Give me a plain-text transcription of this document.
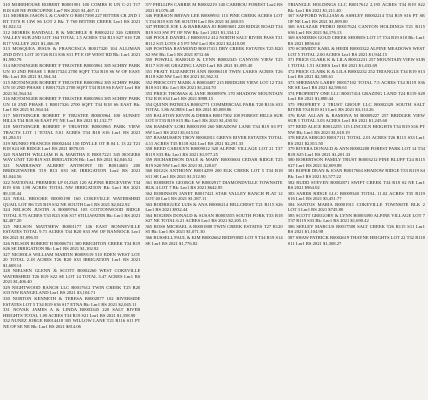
310 MOREHOUSE ROBERT B0001901 100 COMBS R UN C-21 T17 R18 S28 NE PORCUPINE Lnr7 RS 2021 $1,467.11

311 MORRIS JASON L & CASEY O B0017398 227 BITTER CR 2ND 1 BT T37S R 13W S6 LOT 2 Bk: T 7S0 BITTER CREEK Lnr1 RS 2021 $1,022.12

312 MORRIS RANDALL B & MICHELE R B0002212 326 GREEN VALLEY SUB 2ND LOT 164 TOTAL 1.5 ACRES T34 R13 S27 S16 T28 R17 VALLEY 2021 $1,466.39

313 MOSQUEA JESUS & FRANCESCA B0017320 104 ALLIMAN 2ND DIV1 LOT 10 T26 R13 S36 S11 PT E OF WEST RD Bk: Lnr1 2021 $1,990.79

314 MOTSINGER ROBERT F TRUSTEE B0003961 385 SCHRY PARK UN 10 2ND PHASE 1 B0017324 2700 SQFT T34 R18 S6 W OF EAST Bk: Lnr1 RS 2021 $1,564.34

315 MOTSINGER ROBERT F TRUSTEE B0003962 385 SCHRY PARK UN 10 2ND PHASE 1 B0017325 2700 SQFT T34 R18 S6 EAST Lnr1 RS 2021 $1,564.34

316 MOTSINGER ROBERT F TRUSTEE B0003963 385 SCHRY PARK UN 10 2ND PHASE 1 B0017326 2700 SQFT T34 R18 S6 EAST Bk: Lnr1 RS 2021 $1,564.34

317 MOTSINGER ROBERT F TRUSTEE B0003964 100 SUNSET HILLS T34 R18 S6 EAST PT NE Lnr1 RS 2021 $1,132.77

318 MOTSINGER ROBERT F TRUSTEE B0003965 PARK VIEW TRACTS LOT 1 TOTAL 5.01 ACRES T34 R18 S16 Lnr1 RS 2021 $1,284.51

319 MUNRO FRANCES B0002444 150 IDYLLE OT B 04 L 13 22 T21 R18 S24 SE RIDGE Lnr1 RS 2021 $870.03

320 NAMITH WILLIAM B & MARTHA E B0017221 345 ROGERS WAY UNIT T20 R19 S33 IRRIGATION Bk: Lnr1 RS 2021 $2,046.52

321 NARRAWAY ALBERT ANTHONY III B0014603 200 BRIDGEWATER T19 R13 S33 SE IRRIGATION Lnr2 RS 2021 $1,044.56

322 NATIONAL PREMIER LP 012345 120 ALPINE RIDGEVIEW T34 R19 S36 1.98 ACRES TOTAL NW IRRIGATION Bk: Lnr1 RS 2021 $9,118.44

323 NEAL BROOKE B0005198 160 COKEVILLE WATERSHED QUAIL LOT B6 T25 R19 S32 NE SOUTH Lnr1 RS 2021 $2,042.92

324 NELSON JUSTIN A B0009764 105 COTTONWOOD RIDGE TOTAL 8.75 ACRES T33 R23 S36 S17 STILLWATER Bk: Lnr1 RS 2021 $2,487.20

325 NELSON MATTHEW B0001177 146 EAST BONNEVILLE ESTATES TOTAL 9.71 ACRES T34 R20 S33 SW OF BANNOCK Lnr1 RS 2021 $1,896.55

326 NELSON ROBERT H B0006731 300 BRIGHTON CREEK T34 R19 S26 SE IRRIGATION Bk: Lnr1 RS 2021 $1,102.82

327 NICHOLS WILLIAM MARTIN B0009119 510 EDEN WEST LOT 20 TOTAL 2.18 ACRES T26 R20 S33 IRRIGATION Lnr1 RS 2021 $1,608.14

328 NIELSEN GLENN & SCOTT B0002260 WEST COKEVILLE WATERSHED T26 R19 S22 SE LOT 14 TOTAL 3.47 ACRES Lnr1 RS 2021 $1,406.40

329 NIGHTWOOD RANCH LLC B0017612 TWIN CREEK T25 R20 S33 NW RANGELAND Lnr1 RS 2021 $3,104.71

330 NORTON KENNETH & TERESA B0002877 102 RIVERSIDE ESTATES LOT 5 T34 R19 S36 S17 ETNA Bk: Lnr1 RS 2021 $2,045.11

331 NOVAK JAMES A & LINDA B0003345 220 SALT RIVER HEIGHTS TOTAL 1.00 ACRES T34 R19 S21 Lnr1 RS 2021 $1,358.90

332 NUNEZ JORGE B0014418 305 WILLOW LANE T21 R116 S11 PT NE OF SE NE Bk: Lnr1 RS 2021 $814.06

3?? PHILLIPS CARRIE M B0002219 140 CARIBOU FOREST Lnr2 RS 2021 $1,076.48

346 PIERSON BRYAN LEE B0009931 115 PINE CREEK ACRES LOT 3 T34 R19 S35 NE SOUTH Lnr1 RS 2021 $1,688.55

347 PIERCE JOE L & BARBARA JO B0003601 228 RIDGE ROAD T34 R19 S13 SW PT OF NW Bk: Lnr1 2021 $1,334.12

348 POOLE DANIEL J B0001912 412 NORTH SALT RIVER PASS T31 R112 S15 LOTS 4 5 PT NW Lnr1 RS 2021 $2,410.08

349 POSTMA RAYMOND B0017411 DRY CREEK ESTATES T25 R20 S2 SW Bk: Lnr1 RS 2021 $712.66

350 POWELL HAROLD & LYNN B0002345 CANYON VIEW T25 R117 S19 SE GRAZING LAND Lnr1 RS 2021 $1,095.40

351 PRATT ELIZABETH ANN B0006118 TWIN LAKES ACRES T26 R118 S20 NW Lnr1 RS 2021 $1,562.31

352 PRESCOTT MARK A B0004487 215 BRIDGER VIEW LOT 12 T34 R18 S31 Bk: Lnr1 RS 2021 $1,244.70

353 PRICE THOMAS & JANE B0009976 170 SHADOW MOUNTAIN T32 R18 S34 Lnr1 RS 2021 $988.15

354 QUINN PATRICIA B0002771 COMMERCIAL PARK T20 R116 S33 TOTAL 1.86 ACRES Lnr1 RS 2021 $5,008.86

355 RALSTON KEVIN & DEBRA B0017302 108 FOREST HILLS SUB LOT 8 T33 R19 S15 Bk: Lnr1 RS 2021 $1,430.92

356 RAMSEY LORI B0003190 260 MEADOW LANE T34 R19 S3 PT SW Lnr1 RS 2021 $1,615.04

357 RASMUSSEN TROY B0002811 GREYS RIVER ESTATES TOTAL 4.11 ACRES T35 R118 S24 Lnr1 RS 2021 $2,291.33

358 REED CAROLYN B0009012 320 ALPINE VILLAGE LOT 21 T37 R119 S33 Bk: Lnr1 RS 2021 $1,977.25

359 RICHARDSON DALE & MARY B0003604 CEDAR RIDGE T25 R19 S20 NW Lnr1 RS 2021 $1,128.67

360 RIGGS ANTHONY B0014299 200 ELK CREEK LOT 5 T34 R18 S11 SE Lnr1 RS 2021 $1,512.90

361 ROBERTS GEORGE W B0002917 DIAMONDVILLE TOWNSITE BLK 4 LOT 7 Bk: Lnr1 RS 2021 $642.85

362 ROBINSON JANET B0017421 STAR VALLEY RANCH PLAT 12 LOT 40 Lnr1 RS 2021 $1,387.11

363 RODRIGUEZ LUIS & ANA B0006214 HILLCREST T21 R115 S26 Lnr1 RS 2021 $932.44

364 ROGERS DONALD & SUSAN B0003555 SOUTH FORK T33 R18 S27 NE TOTAL 6.21 ACRES Lnr1 RS 2021 $2,205.15

365 ROSS MICHAEL A B0001808 TWIN CREEK ESTATES T27 R120 S5 Bk: Lnr1 RS 2021 $1,071.30

366 RUSSELL PAUL & KIM B0002662 BEDFORD LOT 9 T34 R19 S14 SE Lnr1 RS 2021 $1,776.82

TRIANGLE HOLDINGS LLC B0017612 2,195 ACRES T34 R19 S22 Bk: Lnr1 RS 2021 $1,211.40

367 SAFFORD WILLIAM & ASHLEY B0002214 T34 R19 S16 PT SE OF NE Lnr1 RS 2021 $1,009.00

368 SALAZAR PEDRO B0017624 CANYON HOLDINGS T21 R115 S36 Lnr1 RS 2021 $4,176.13

369 SANDERS GOLD CREEK SHORES LOT 17 T34 R19 S18 Bk: Lnr1 RS 2021 $856.64

370 SCHMIDT KARL & HEIDI B0003322 ALPINE MEADOWS WEST LOT 5 TOTAL 2.00 ACRES Lnr1 RS 2021 $1,944.15

371 PRICE CLARK K & LILA B0012231 257 MOUNTAIN VIEW SUB 1 TOTAL 1.51 ACRES Lnr1 RS 2021 $1,433.69

372 PRICE CLARK K & LILA B0002232 252 TRIANGLE T34 R19 S13 Lnr1 RS 2021 $2,508.61

373 SHERMAN LARRY B0017102 TOTAL 7.5 ACRES T34 R119 S36 NE SE Lnr1 RS 2021 $2,590.61

374 PROPERTY ONE LLC B0017414 GRAZING LAND T24 R119 S28 Lnr1 RS 2021 $1,880.44

375 PROPERTY 2 TRUST GROUP LLC B0002329 SOUTH SALT RIVER T34 R19 S13 Lnr1 RS 2021 $3,114.26

376 RAE ALLAN & RAMONA M B0009227 257 BRIDGER VIEW SUB 1 TOTAL 3.03 ACRES Lnr1 RS 2021 $1,245.60

377 REID ALICE B0012255 115 LINCOLN HEIGHTS T34 R19 S16 PT NW Bk: Lnr1 RS 2021 $1,618.19

378 REZA SERGIO B0017111 TOTAL 2.01 ACRES T26 R115 S33 Lnr1 RS 2021 $2,811.50

379 RIVERA DONALD & ANN B0002208 FOREST PARK LOT 14 T34 R18 S25 Lnr1 RS 2021 $1,201.33

380 ROBERTSON FAMILY TRUST B0003212 PINE BLUFF T24 R115 S27 Lnr1 RS 2021 $2,009.88

381 ROPER DEAN & JOAN B0017604 SHADOW RIDGE T33 R119 S4 Bk: Lnr1 RS 2021 $1,577.22

382 RUDD STEVEN B0002871 SWIFT CREEK T34 R18 S2 NE Lnr1 RS 2021 $964.02

383 SABER RIDGE LLC B0009340 TOTAL 11.02 ACRES T35 R119 S16 Lnr1 RS 2021 $3,451.77

384 SANTOS MARIA B0001911 COKEVILLE TOWNSITE BLK 2 LOT 3 Lnr1 RS 2021 $745.80

385 SCOTT GREGORY & LYNN B0003390 ALPINE VILLAGE LOT 7 T37 R119 S33 Bk: Lnr1 RS 2021 $1,690.42

386 SEELEY MARCUS B0017508 SALT CREEK T26 R115 S11 Lnr1 RS 2021 $1,104.98

387 SHAW PATRICK B0002619 THAYNE HEIGHTS LOT 22 T32 R118 S11 Lnr1 RS 2021 $1,308.27
